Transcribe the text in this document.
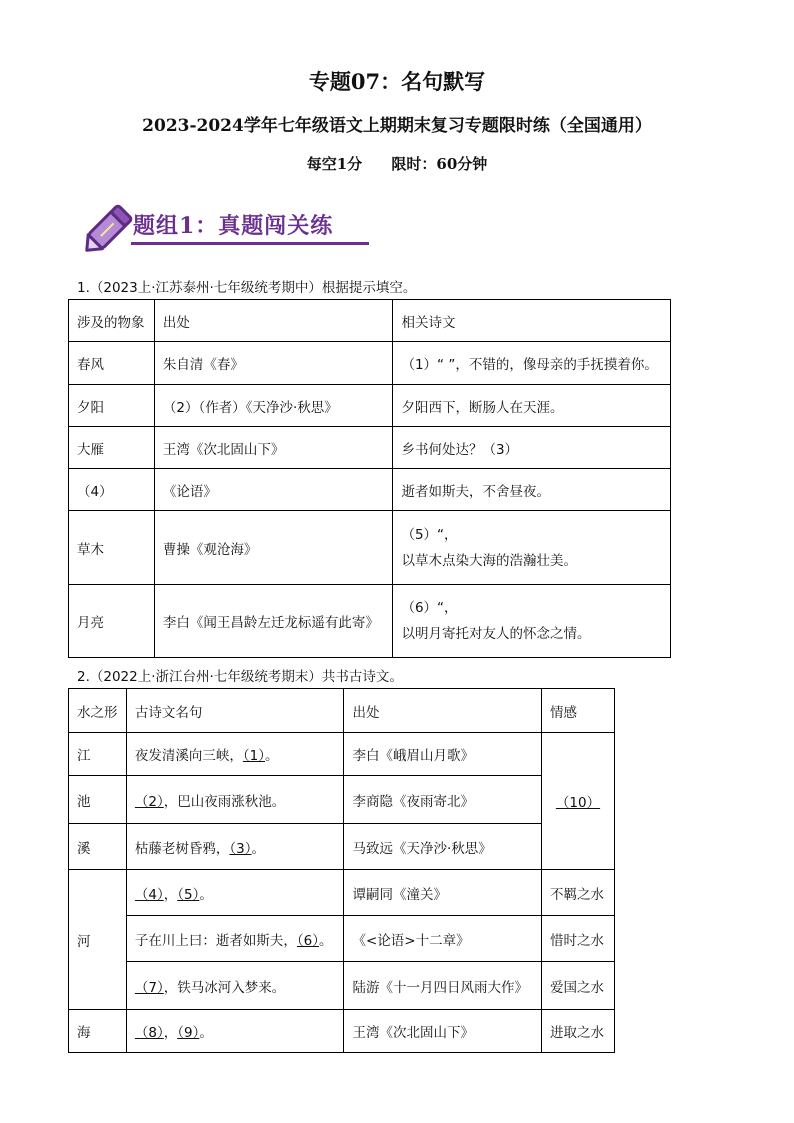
专题07：名句默写
2023-2024学年七年级语文上期期末复习专题限时练（全国通用）
每空1分 限时：60分钟
题组1：真题闯关练
1.（2023上·江苏泰州·七年级统考期中）根据提示填空。
涉及的物象	出处	相关诗文
春风	朱自清《春》	（1）“ ”，不错的，像母亲的手抚摸着你。
夕阳	（2）（作者）《天净沙·秋思》	夕阳西下，断肠人在天涯。
大雁	王湾《次北固山下》	乡书何处达？（3）
（4）	《论语》	逝者如斯夫，不舍昼夜。
草木	曹操《观沧海》	（5）“，
以草木点染大海的浩瀚壮美。

月亮	李白《闻王昌龄左迁龙标遥有此寄》	（6）“，
以明月寄托对友人的怀念之情。
2.（2022上·浙江台州·七年级统考期末）共书古诗文。
水之形	古诗文名句	出处	情感
江	夜发清溪向三峡，（1）。	李白《峨眉山月歌》	（10）
池	（2），巴山夜雨涨秋池。	李商隐《夜雨寄北》	
溪	枯藤老树昏鸦，（3）。	马致远《天净沙·秋思》	
河	（4），（5）。	谭嗣同《潼关》	不羁之水
	子在川上曰：逝者如斯夫，（6）。	《<论语>十二章》	惜时之水
	（7），铁马冰河入梦来。	陆游《十一月四日风雨大作》	爱国之水
海	（8），（9）。	王湾《次北固山下》	进取之水
